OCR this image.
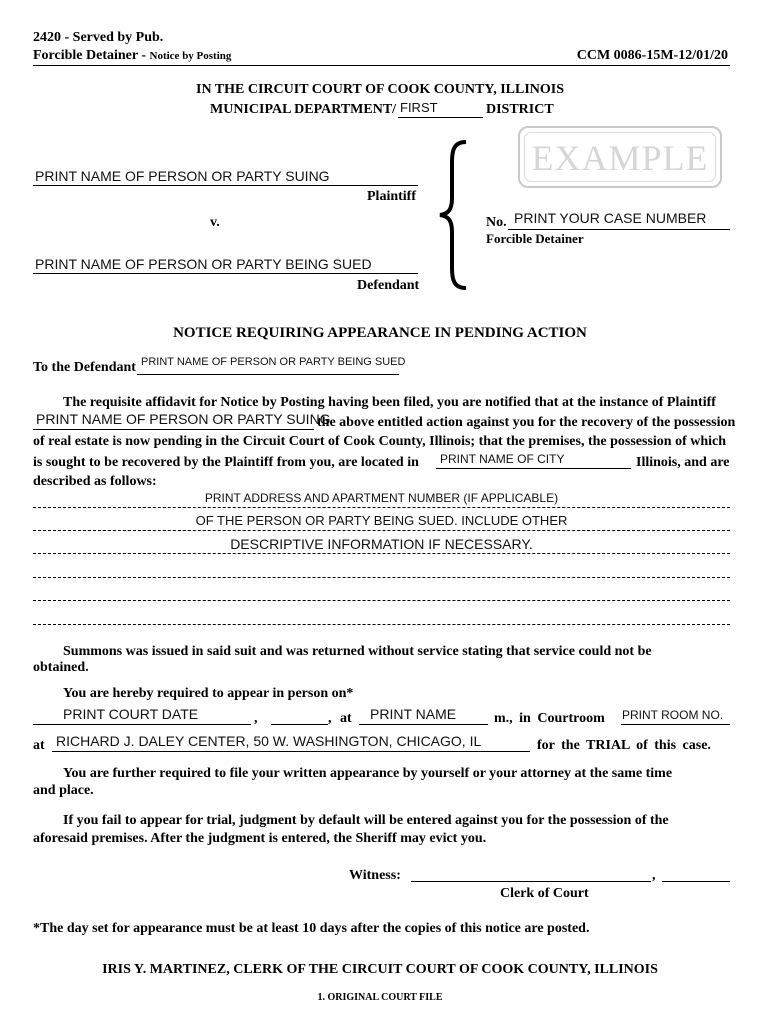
2420 - Served by Pub.
Forcible Detainer - Notice by Posting	CCM 0086-15M-12/01/20
IN THE CIRCUIT COURT OF COOK COUNTY, ILLINOIS
MUNICIPAL DEPARTMENT/ FIRST	DISTRICT
PRINT NAME OF PERSON OR PARTY SUING
Plaintiff
v.
PRINT NAME OF PERSON OR PARTY BEING SUED
Defendant
EXAMPLE
No. PRINT YOUR CASE NUMBER
Forcible Detainer
NOTICE REQUIRING APPEARANCE IN PENDING ACTION
To the Defendant PRINT NAME OF PERSON OR PARTY BEING SUED
The requisite affidavit for Notice by Posting having been filed, you are notified that at the instance of Plaintiff
PRINT NAME OF PERSON OR PARTY SUING
the above entitled action against you for the recovery of the possession
of real estate is now pending in the Circuit Court of Cook County, Illinois; that the premises, the possession of which
is sought to be recovered by the Plaintiff from you, are located in PRINT NAME OF CITY	Illinois, and are
described as follows:
PRINT ADDRESS AND APARTMENT NUMBER (IF APPLICABLE)
OF THE PERSON OR PARTY BEING SUED. INCLUDE OTHER
DESCRIPTIVE INFORMATION IF NECESSARY.
Summons was issued in said suit and was returned without service stating that service could not be
obtained.
You are hereby required to appear in person on*
PRINT COURT DATE	,	, at PRINT NAME	m., in Courtroom PRINT ROOM NO.
at RICHARD J. DALEY CENTER, 50 W. WASHINGTON, CHICAGO, IL	for the TRIAL of this case.
You are further required to file your written appearance by yourself or your attorney at the same time
and place.
If you fail to appear for trial, judgment by default will be entered against you for the possession of the
aforesaid premises. After the judgment is entered, the Sheriff may evict you.
Witness:	,
Clerk of Court
*The day set for appearance must be at least 10 days after the copies of this notice are posted.
IRIS Y. MARTINEZ, CLERK OF THE CIRCUIT COURT OF COOK COUNTY, ILLINOIS
1. ORIGINAL COURT FILE
